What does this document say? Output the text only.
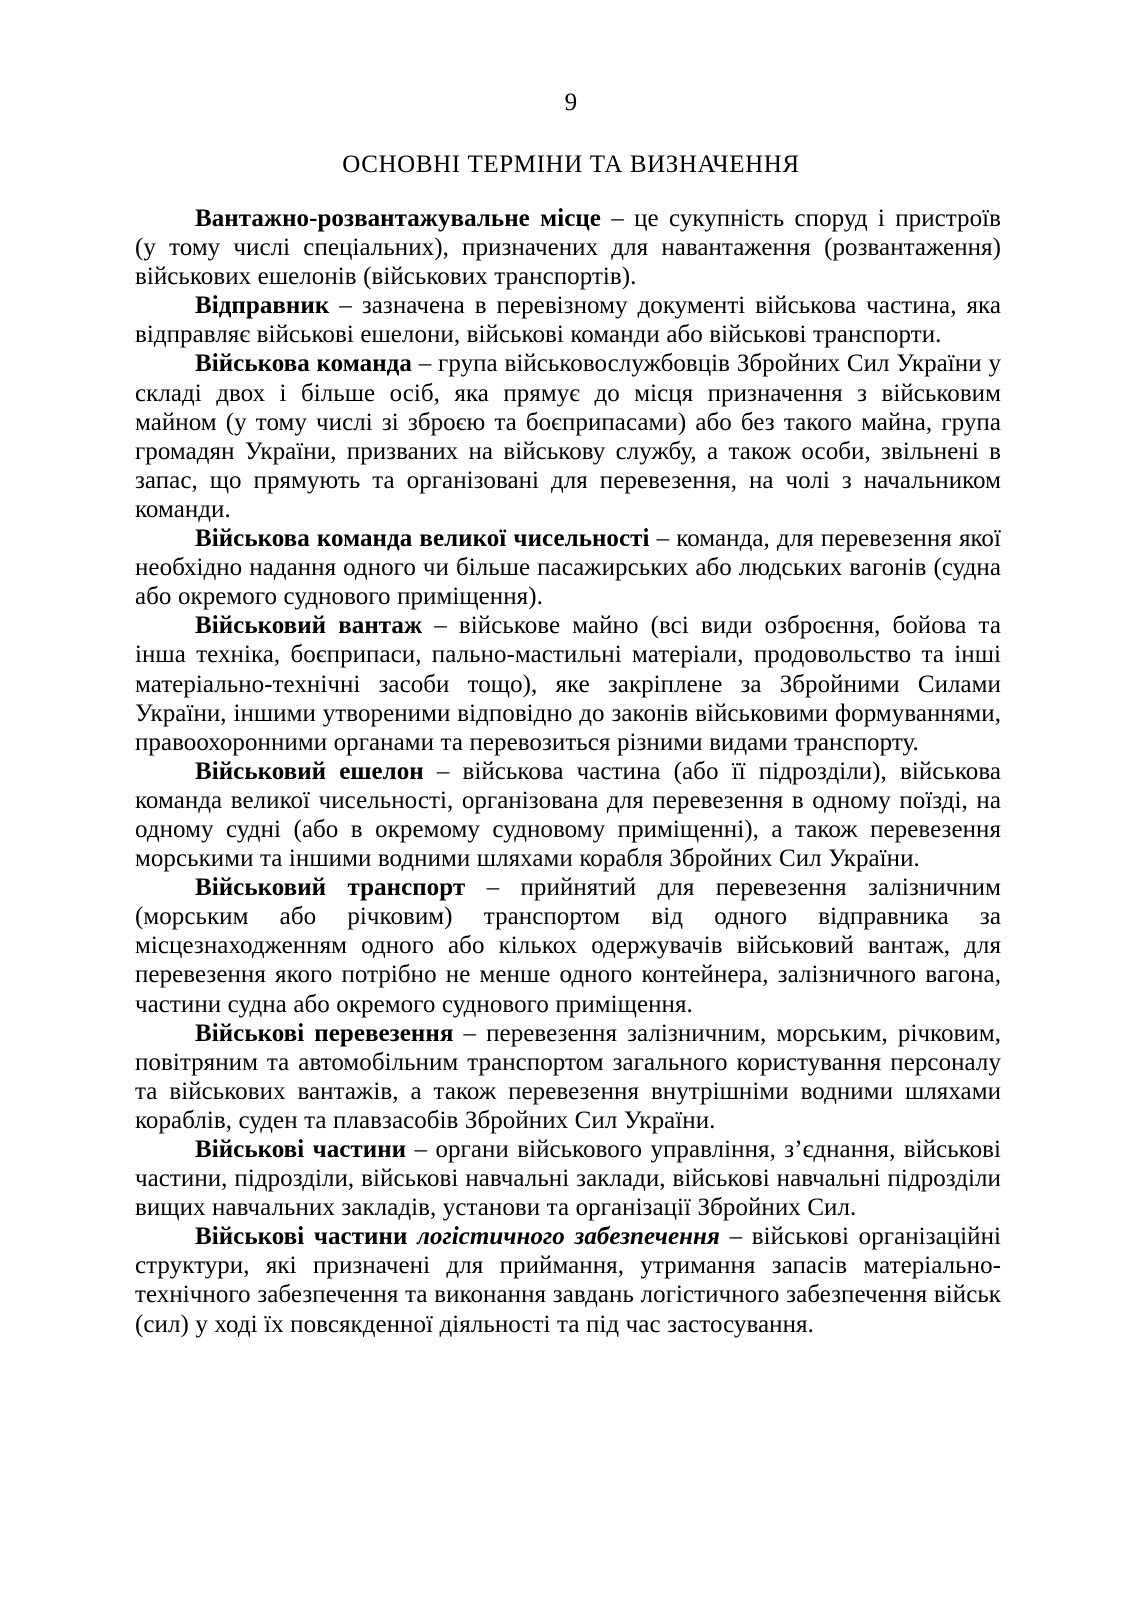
9
ОСНОВНІ ТЕРМІНИ ТА ВИЗНАЧЕННЯ

Вантажно-розвантажувальне місце – це сукупність споруд і пристроїв (у тому числі спеціальних), призначених для навантаження (розвантаження) військових ешелонів (військових транспортів).

Відправник – зазначена в перевізному документі військова частина, яка відправляє військові ешелони, військові команди або військові транспорти.

Військова команда – група військовослужбовців Збройних Сил України у складі двох і більше осіб, яка прямує до місця призначення з військовим майном (у тому числі зі зброєю та боєприпасами) або без такого майна, група громадян України, призваних на військову службу, а також особи, звільнені в запас, що прямують та організовані для перевезення, на чолі з начальником команди.

Військова команда великої чисельності – команда, для перевезення якої необхідно надання одного чи більше пасажирських або людських вагонів (судна або окремого суднового приміщення).

Військовий вантаж – військове майно (всі види озброєння, бойова та інша техніка, боєприпаси, пально-мастильні матеріали, продовольство та інші матеріально-технічні засоби тощо), яке закріплене за Збройними Силами України, іншими утвореними відповідно до законів військовими формуваннями, правоохоронними органами та перевозиться різними видами транспорту.

Військовий ешелон – військова частина (або її підрозділи), військова команда великої чисельності, організована для перевезення в одному поїзді, на одному судні (або в окремому судновому приміщенні), а також перевезення морськими та іншими водними шляхами корабля Збройних Сил України.

Військовий транспорт – прийнятий для перевезення залізничним (морським або річковим) транспортом від одного відправника за місцезнаходженням одного або кількох одержувачів військовий вантаж, для перевезення якого потрібно не менше одного контейнера, залізничного вагона, частини судна або окремого суднового приміщення.

Військові перевезення – перевезення залізничним, морським, річковим, повітряним та автомобільним транспортом загального користування персоналу та військових вантажів, а також перевезення внутрішніми водними шляхами кораблів, суден та плавзасобів Збройних Сил України.

Військові частини – органи військового управління, з’єднання, військові частини, підрозділи, військові навчальні заклади, військові навчальні підрозділи вищих навчальних закладів, установи та організації Збройних Сил.

Військові частини логістичного забезпечення – військові організаційні структури, які призначені для приймання, утримання запасів матеріально-технічного забезпечення та виконання завдань логістичного забезпечення військ (сил) у ході їх повсякденної діяльності та під час застосування.
